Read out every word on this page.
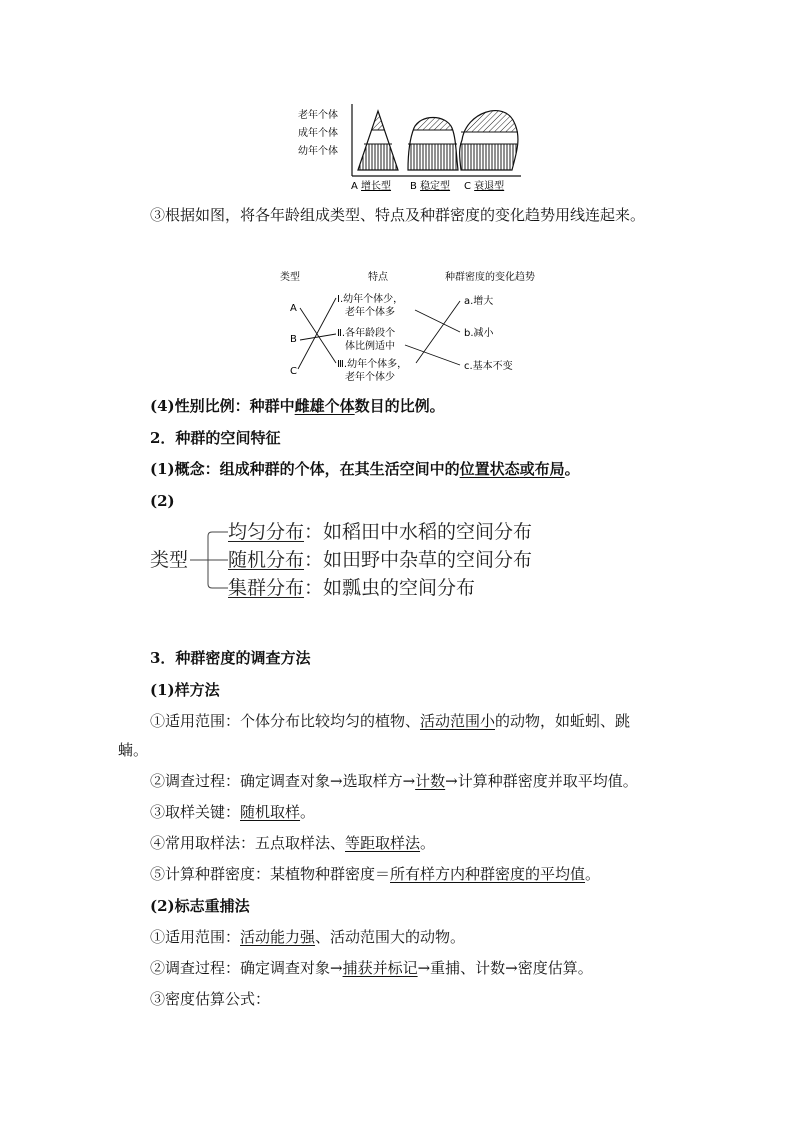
老年个体
成年个体
幼年个体
A 增长型 B 稳定型 C 衰退型
③根据如图，将各年龄组成类型、特点及种群密度的变化趋势用线连起来。
类型	特点	种群密度的变化趋势
A
B
C
Ⅰ.幼年个体少，
老年个体多
Ⅱ.各年龄段个
体比例适中
Ⅲ.幼年个体多，
老年个体少
a.增大
b.减小
c.基本不变
(4)性别比例：种群中雌雄个体数目的比例。
2．种群的空间特征
(1)概念：组成种群的个体，在其生活空间中的位置状态或布局。
(2)
类型
均匀分布：如稻田中水稻的空间分布
随机分布：如田野中杂草的空间分布
集群分布：如瓢虫的空间分布
3．种群密度的调查方法
(1)样方法
①适用范围：个体分布比较均匀的植物、活动范围小的动物，如蚯蚓、跳
蝻。
②调查过程：确定调查对象→选取样方→计数→计算种群密度并取平均值。
③取样关键：随机取样。
④常用取样法：五点取样法、等距取样法。
⑤计算种群密度：某植物种群密度＝所有样方内种群密度的平均值。
(2)标志重捕法
①适用范围：活动能力强、活动范围大的动物。
②调查过程：确定调查对象→捕获并标记→重捕、计数→密度估算。
③密度估算公式：
